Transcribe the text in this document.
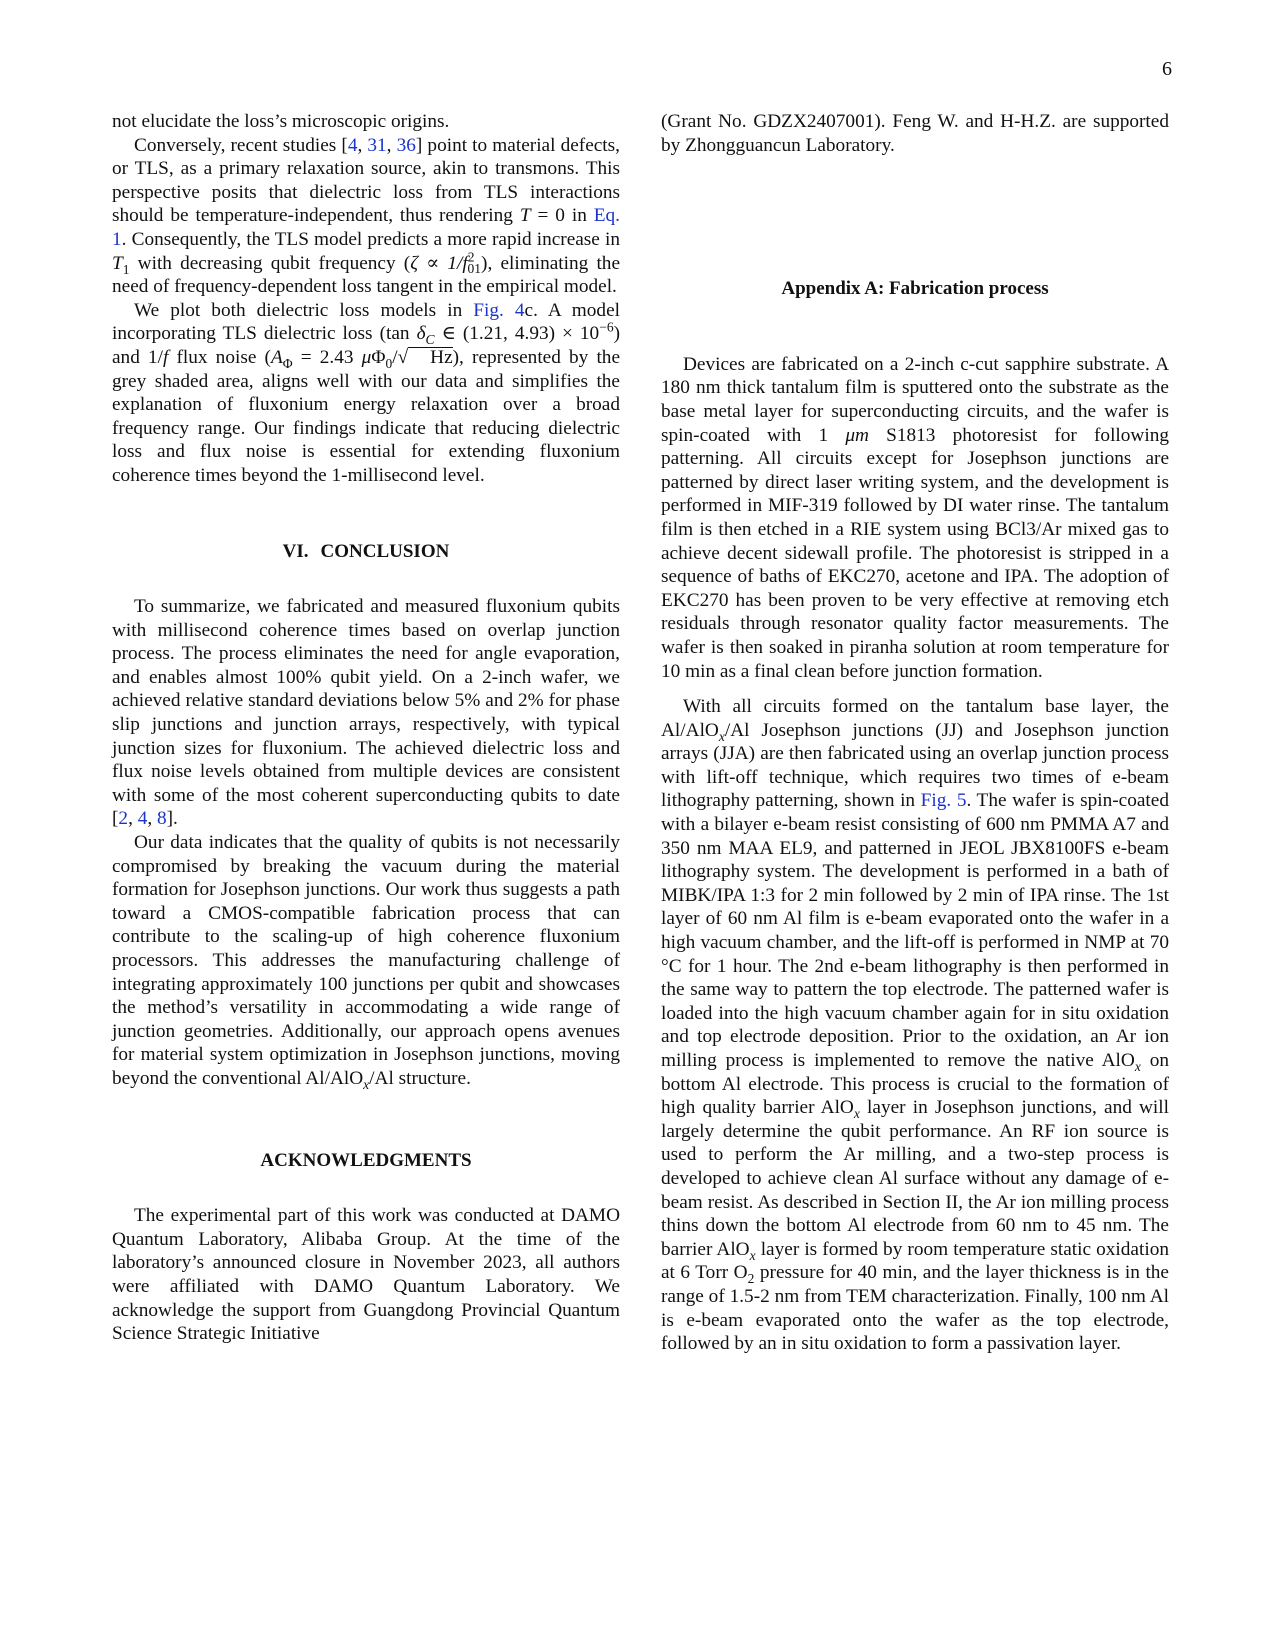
6

not elucidate the loss’s microscopic origins.

Conversely, recent studies [4, 31, 36] point to material defects, or TLS, as a primary relaxation source, akin to transmons. This perspective posits that dielectric loss from TLS interactions should be temperature-independent, thus rendering T = 0 in Eq. 1. Consequently, the TLS model predicts a more rapid increase in $T_1$ with decreasing qubit frequency $(\zeta \propto 1/f^2_{01})$, eliminating the need of frequency-dependent loss tangent in the empirical model.

We plot both dielectric loss models in Fig. 4c. A model incorporating TLS dielectric loss (tan $\delta_C$ ∈ (1.21, $4.93) \times 10^{-6}$) and 1/f flux noise ($A_\Phi = 2.43$ $\mu\Phi_0/√$ Hz), represented by the grey shaded area, aligns well with our data and simplifies the explanation of fluxonium energy relaxation over a broad frequency range. Our findings indicate that reducing dielectric loss and flux noise is essential for extending fluxonium coherence times beyond the 1-millisecond level.

VI. CONCLUSION

To summarize, we fabricated and measured fluxonium qubits with millisecond coherence times based on overlap junction process. The process eliminates the need for angle evaporation, and enables almost 100% qubit yield. On a 2-inch wafer, we achieved relative standard deviations below 5% and 2% for phase slip junctions and junction arrays, respectively, with typical junction sizes for fluxonium. The achieved dielectric loss and flux noise levels obtained from multiple devices are consistent with some of the most coherent superconducting qubits to date [2, 4, 8].

Our data indicates that the quality of qubits is not necessarily compromised by breaking the vacuum during the material formation for Josephson junctions. Our work thus suggests a path toward a CMOS-compatible fabrication process that can contribute to the scaling-up of high coherence fluxonium processors. This addresses the manufacturing challenge of integrating approximately 100 junctions per qubit and showcases the method’s versatility in accommodating a wide range of junction geometries. Additionally, our approach opens avenues for material system optimization in Josephson junctions, moving beyond the conventional Al/AlO$_x$/Al structure.

ACKNOWLEDGMENTS

The experimental part of this work was conducted at DAMO Quantum Laboratory, Alibaba Group. At the time of the laboratory’s announced closure in November 2023, all authors were affiliated with DAMO Quantum Laboratory. We acknowledge the support from Guangdong Provincial Quantum Science Strategic Initiative

(Grant No. GDZX2407001). Feng W. and H-H.Z. are supported by Zhongguancun Laboratory.

Appendix A: Fabrication process

Devices are fabricated on a 2-inch c-cut sapphire substrate. A 180 nm thick tantalum film is sputtered onto the substrate as the base metal layer for superconducting circuits, and the wafer is spin-coated with 1 μm S1813 photoresist for following patterning. All circuits except for Josephson junctions are patterned by direct laser writing system, and the development is performed in MIF-319 followed by DI water rinse. The tantalum film is then etched in a RIE system using BCl3/Ar mixed gas to achieve decent sidewall profile. The photoresist is stripped in a sequence of baths of EKC270, acetone and IPA. The adoption of EKC270 has been proven to be very effective at removing etch residuals through resonator quality factor measurements. The wafer is then soaked in piranha solution at room temperature for 10 min as a final clean before junction formation.

With all circuits formed on the tantalum base layer, the Al/AlO$_x$/Al Josephson junctions (JJ) and Josephson junction arrays (JJA) are then fabricated using an overlap junction process with lift-off technique, which requires two times of e-beam lithography patterning, shown in Fig. 5. The wafer is spin-coated with a bilayer e-beam resist consisting of 600 nm PMMA A7 and 350 nm MAA EL9, and patterned in JEOL JBX8100FS e-beam lithography system. The development is performed in a bath of MIBK/IPA 1:3 for 2 min followed by 2 min of IPA rinse. The 1st layer of 60 nm Al film is e-beam evaporated onto the wafer in a high vacuum chamber, and the lift-off is performed in NMP at 70 °C for 1 hour. The 2nd e-beam lithography is then performed in the same way to pattern the top electrode. The patterned wafer is loaded into the high vacuum chamber again for in situ oxidation and top electrode deposition. Prior to the oxidation, an Ar ion milling process is implemented to remove the native AlO$_x$ on bottom Al electrode. This process is crucial to the formation of high quality barrier AlO$_x$ layer in Josephson junctions, and will largely determine the qubit performance. An RF ion source is used to perform the Ar milling, and a two-step process is developed to achieve clean Al surface without any damage of e-beam resist. As described in Section II, the Ar ion milling process thins down the bottom Al electrode from 60 nm to 45 nm. The barrier AlO$_x$ layer is formed by room temperature static oxidation at 6 Torr $O_2$ pressure for 40 min, and the layer thickness is in the range of 1.5-2 nm from TEM characterization. Finally, 100 nm Al is e-beam evaporated onto the wafer as the top electrode, followed by an in situ oxidation to form a passivation layer.
